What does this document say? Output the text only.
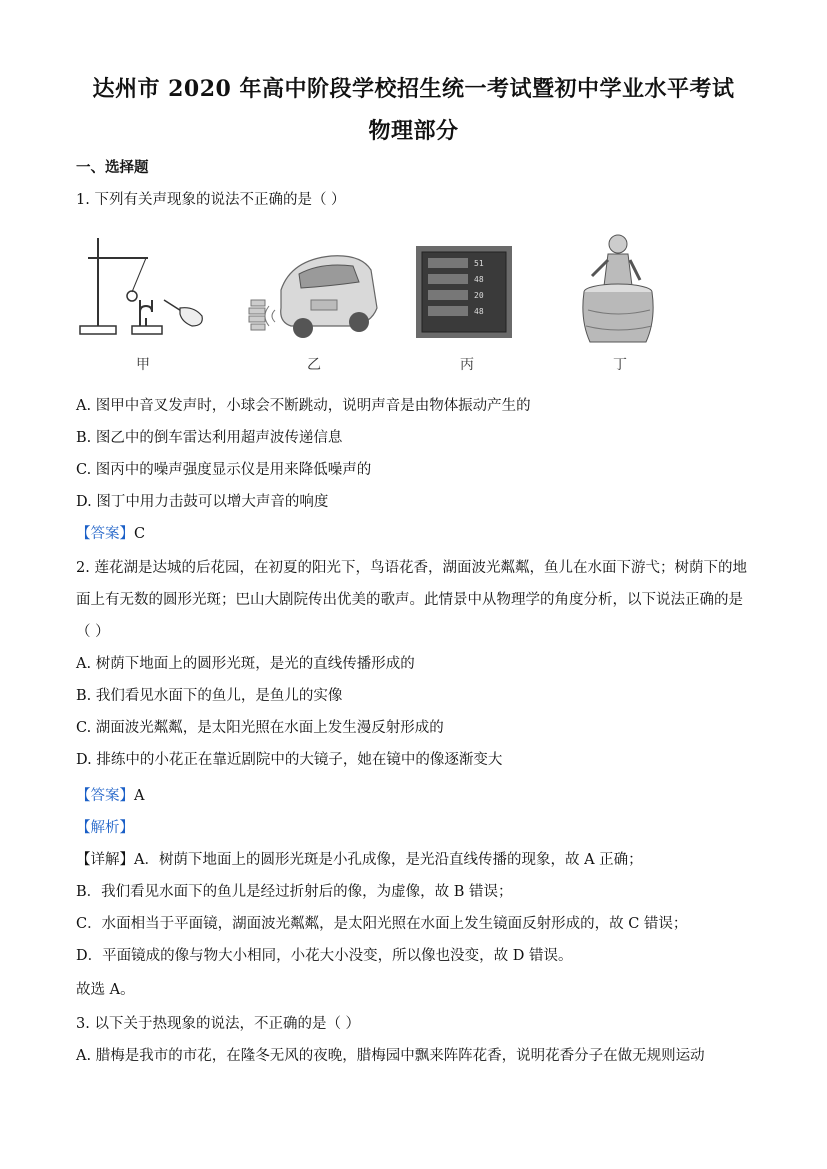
达州市 2020 年高中阶段学校招生统一考试暨初中学业水平考试
物理部分
一、选择题
1. 下列有关声现象的说法不正确的是（ ）
51
48
20
48
甲	乙	丙	丁
A. 图甲中音叉发声时，小球会不断跳动，说明声音是由物体振动产生的
B. 图乙中的倒车雷达利用超声波传递信息
C. 图丙中的噪声强度显示仪是用来降低噪声的
D. 图丁中用力击鼓可以增大声音的响度
【答案】C
2. 莲花湖是达城的后花园，在初夏的阳光下，鸟语花香，湖面波光粼粼，鱼儿在水面下游弋；树荫下的地
面上有无数的圆形光斑；巴山大剧院传出优美的歌声。此情景中从物理学的角度分析，以下说法正确的是
（ ）
A. 树荫下地面上的圆形光斑，是光的直线传播形成的
B. 我们看见水面下的鱼儿，是鱼儿的实像
C. 湖面波光粼粼，是太阳光照在水面上发生漫反射形成的
D. 排练中的小花正在靠近剧院中的大镜子，她在镜中的像逐渐变大
【答案】A
【解析】
【详解】A．树荫下地面上的圆形光斑是小孔成像，是光沿直线传播的现象，故 A 正确；
B．我们看见水面下的鱼儿是经过折射后的像，为虚像，故 B 错误；
C．水面相当于平面镜，湖面波光粼粼，是太阳光照在水面上发生镜面反射形成的，故 C 错误；
D．平面镜成的像与物大小相同，小花大小没变，所以像也没变，故 D 错误。
故选 A。
3. 以下关于热现象的说法，不正确的是（ ）
A. 腊梅是我市的市花，在隆冬无风的夜晚，腊梅园中飘来阵阵花香，说明花香分子在做无规则运动
